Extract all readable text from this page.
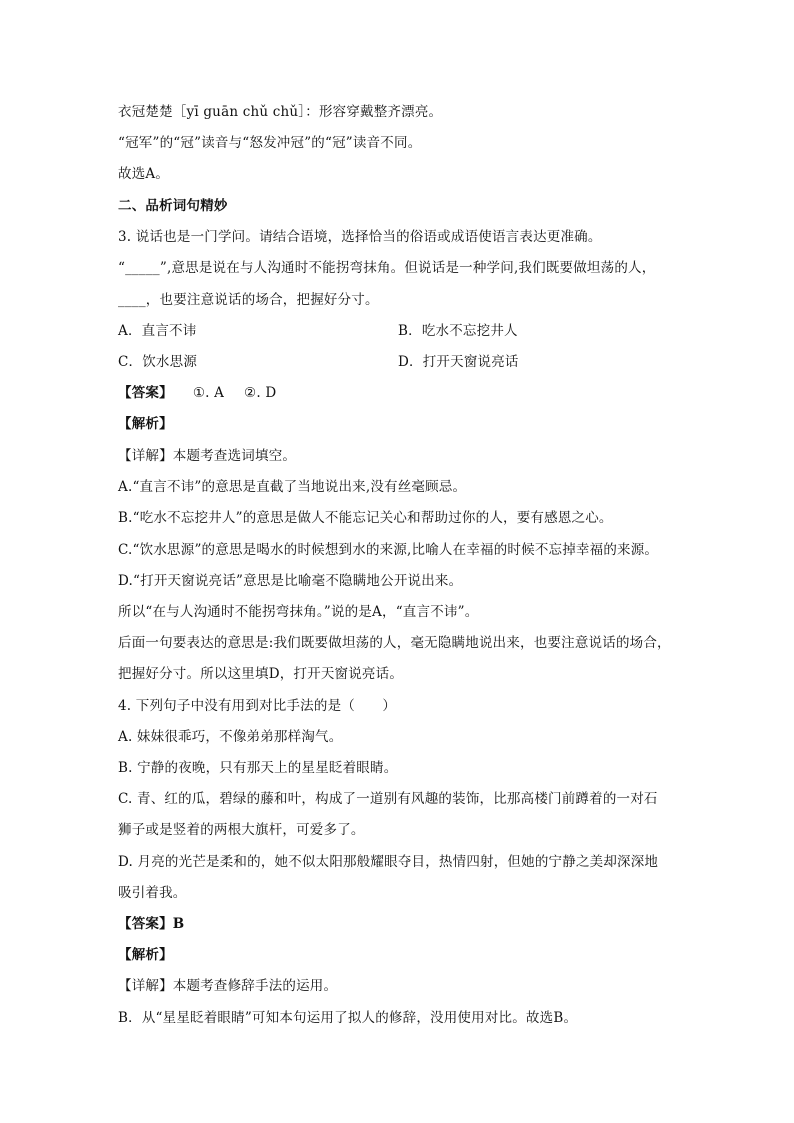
衣冠楚楚［yī guān chǔ chǔ］：形容穿戴整齐漂亮。
“冠军”的“冠”读音与“怒发冲冠”的“冠”读音不同。
故选A。
二、品析词句精妙
3. 说话也是一门学问。请结合语境，选择恰当的俗语或成语使语言表达更准确。
“_____”,意思是说在与人沟通时不能拐弯抹角。但说话是一种学问,我们既要做坦荡的人，
____，也要注意说话的场合，把握好分寸。
A．直言不讳	B．吃水不忘挖井人
C．饮水思源	D．打开天窗说亮话
【答案】 ①. A ②. D
【解析】
【详解】本题考查选词填空。
A.“直言不讳”的意思是直截了当地说出来,没有丝毫顾忌。
B.“吃水不忘挖井人”的意思是做人不能忘记关心和帮助过你的人，要有感恩之心。
C.“饮水思源”的意思是喝水的时候想到水的来源,比喻人在幸福的时候不忘掉幸福的来源。
D.“打开天窗说亮话”意思是比喻毫不隐瞒地公开说出来。
所以“在与人沟通时不能拐弯抹角。”说的是A，“直言不讳”。
后面一句要表达的意思是:我们既要做坦荡的人，毫无隐瞒地说出来，也要注意说话的场合，
把握好分寸。所以这里填D，打开天窗说亮话。
4. 下列句子中没有用到对比手法的是（　　）
A. 妹妹很乖巧，不像弟弟那样淘气。
B. 宁静的夜晚，只有那天上的星星眨着眼睛。
C. 青、红的瓜，碧绿的藤和叶，构成了一道别有风趣的装饰，比那高楼门前蹲着的一对石
狮子或是竖着的两根大旗杆，可爱多了。
D. 月亮的光芒是柔和的，她不似太阳那般耀眼夺目，热情四射，但她的宁静之美却深深地
吸引着我。
【答案】B
【解析】
【详解】本题考查修辞手法的运用。
B．从“星星眨着眼睛”可知本句运用了拟人的修辞，没用使用对比。故选B。
